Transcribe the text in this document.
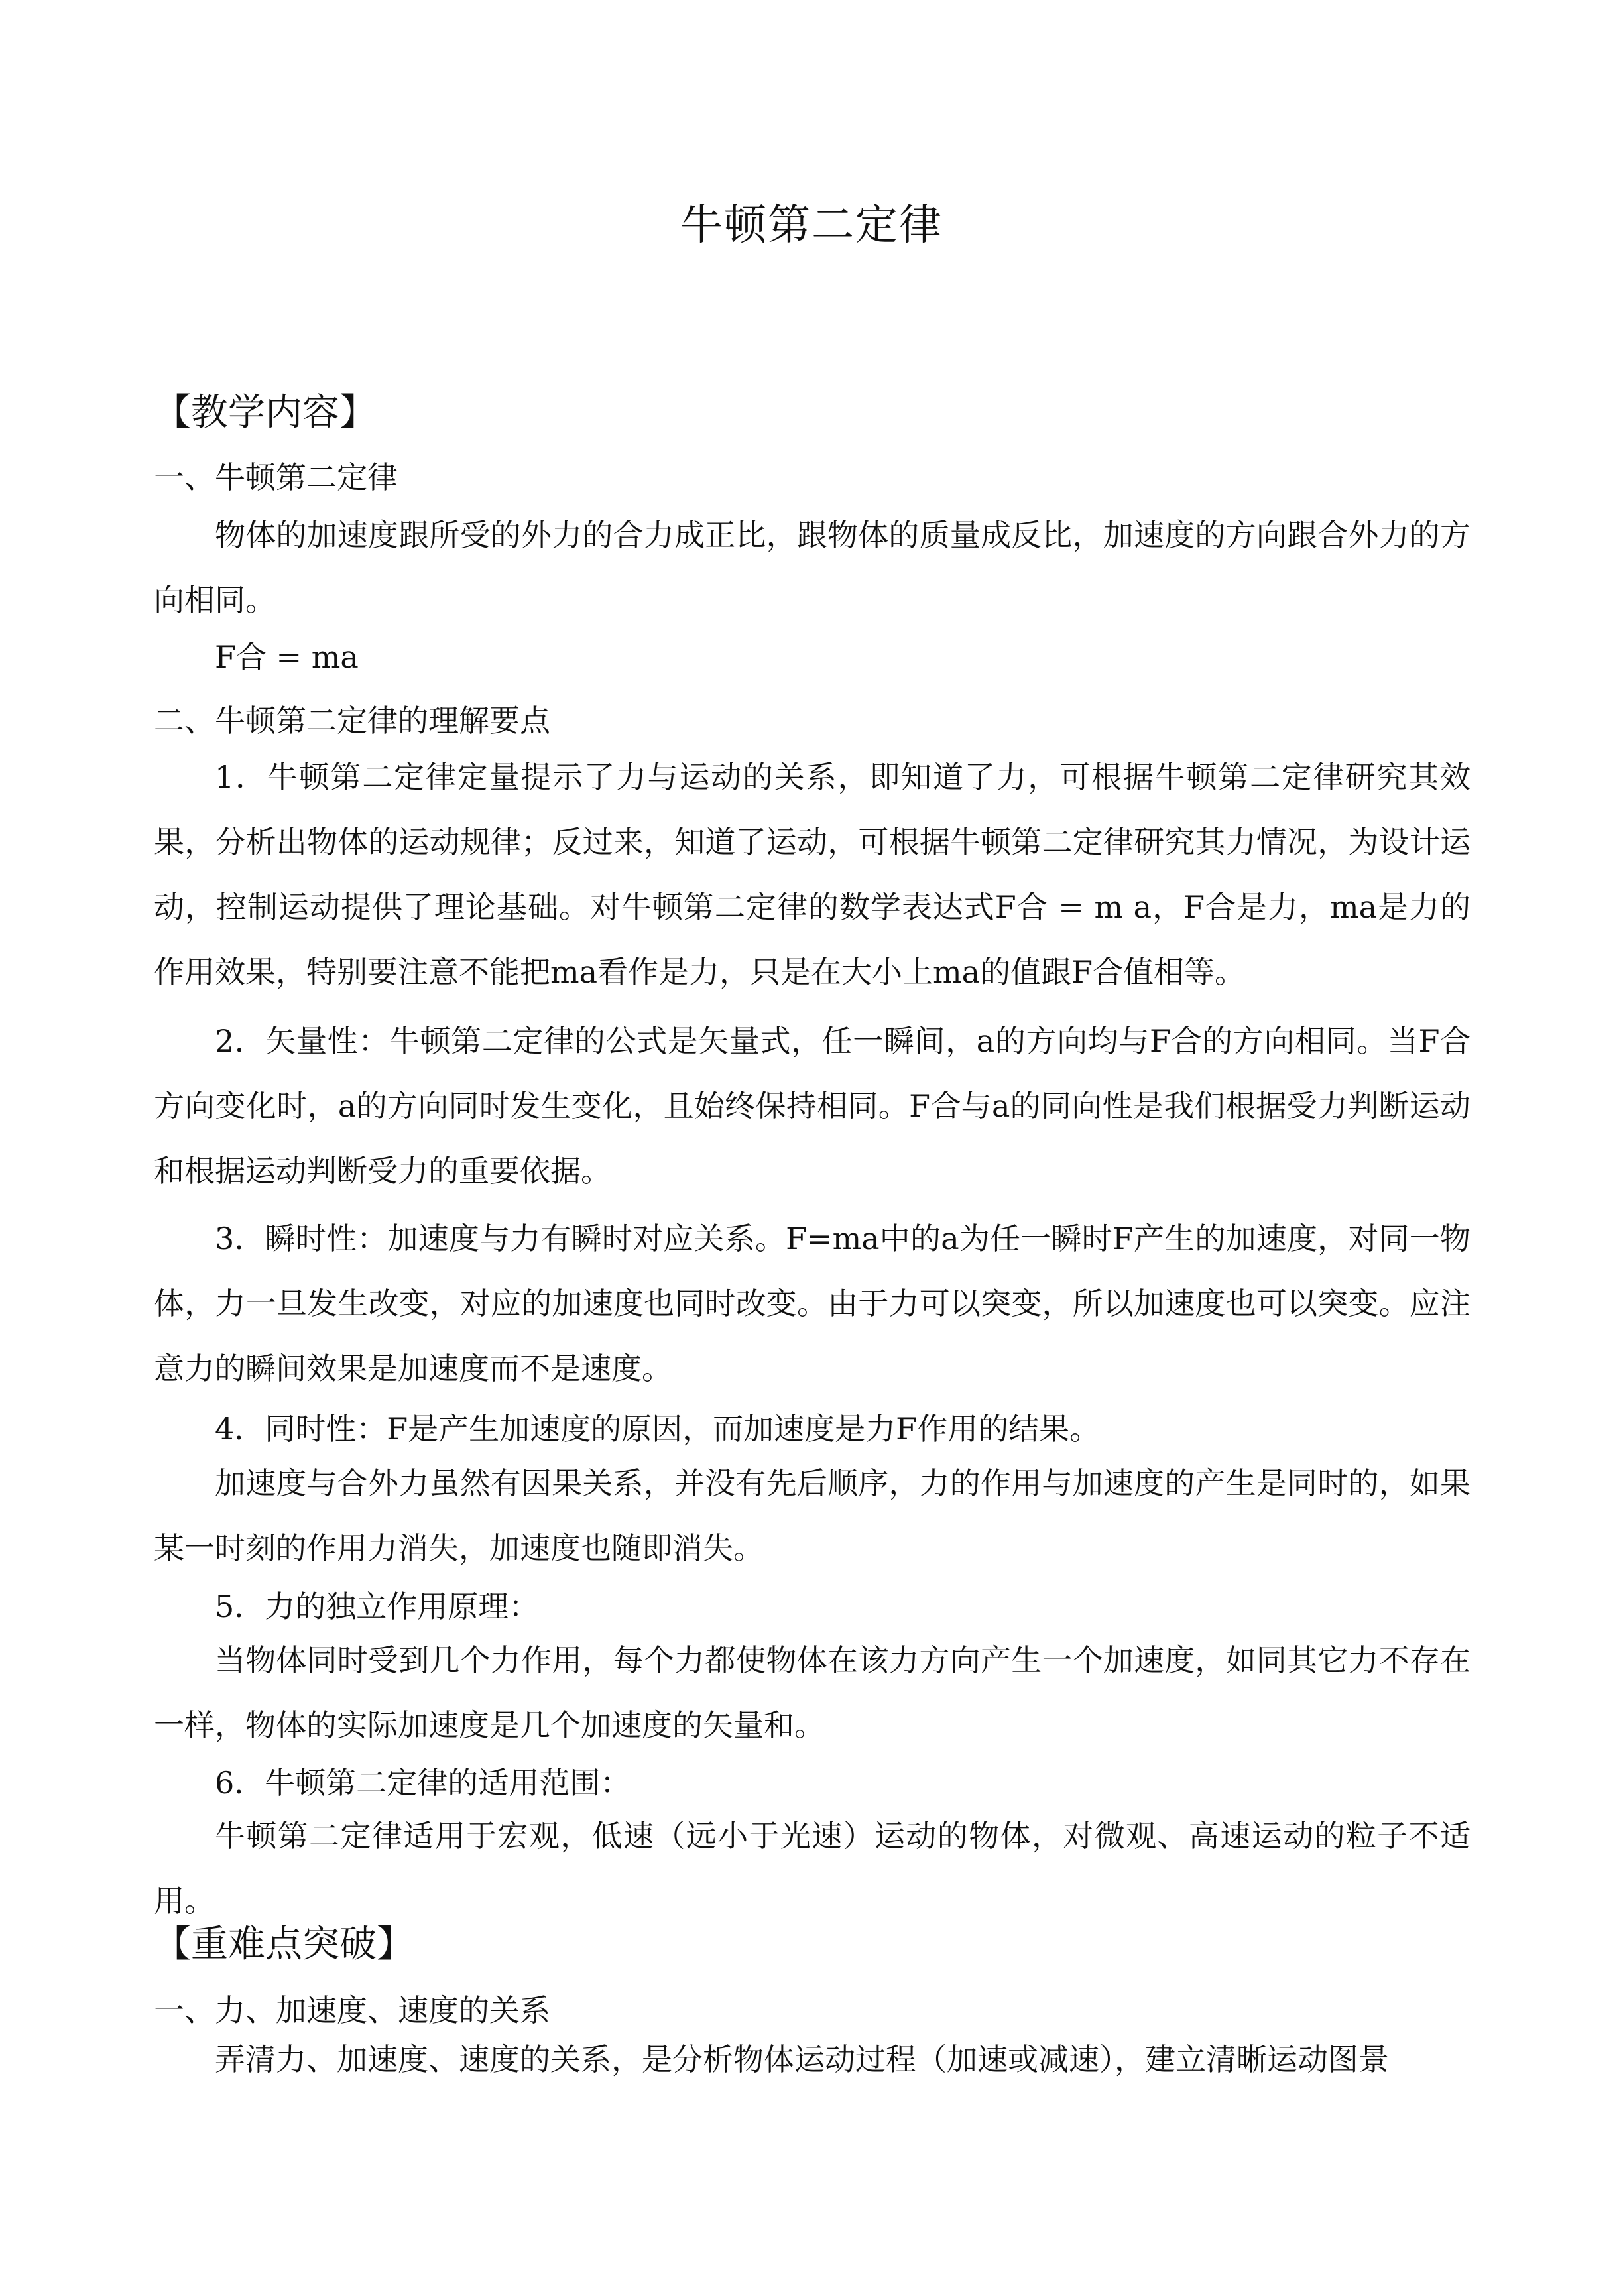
牛顿第二定律
【教学内容】
一、牛顿第二定律
物体的加速度跟所受的外力的合力成正比，跟物体的质量成反比，加速度的方向跟合外力的方向相同。
F合 = ma
二、牛顿第二定律的理解要点
1．牛顿第二定律定量提示了力与运动的关系，即知道了力，可根据牛顿第二定律研究其效果，分析出物体的运动规律；反过来，知道了运动，可根据牛顿第二定律研究其力情况，为设计运动，控制运动提供了理论基础。对牛顿第二定律的数学表达式F合 = m a，F合是力，ma是力的作用效果，特别要注意不能把ma看作是力，只是在大小上ma的值跟F合值相等。
2．矢量性：牛顿第二定律的公式是矢量式，任一瞬间，a的方向均与F合的方向相同。当F合方向变化时，a的方向同时发生变化，且始终保持相同。F合与a的同向性是我们根据受力判断运动和根据运动判断受力的重要依据。
3．瞬时性：加速度与力有瞬时对应关系。F=ma中的a为任一瞬时F产生的加速度，对同一物体，力一旦发生改变，对应的加速度也同时改变。由于力可以突变，所以加速度也可以突变。应注意力的瞬间效果是加速度而不是速度。
4．同时性：F是产生加速度的原因，而加速度是力F作用的结果。
加速度与合外力虽然有因果关系，并没有先后顺序，力的作用与加速度的产生是同时的，如果某一时刻的作用力消失，加速度也随即消失。
5．力的独立作用原理：
当物体同时受到几个力作用，每个力都使物体在该力方向产生一个加速度，如同其它力不存在一样，物体的实际加速度是几个加速度的矢量和。
6．牛顿第二定律的适用范围：
牛顿第二定律适用于宏观，低速（远小于光速）运动的物体，对微观、高速运动的粒子不适用。
【重难点突破】
一、力、加速度、速度的关系
弄清力、加速度、速度的关系，是分析物体运动过程（加速或减速），建立清晰运动图景
